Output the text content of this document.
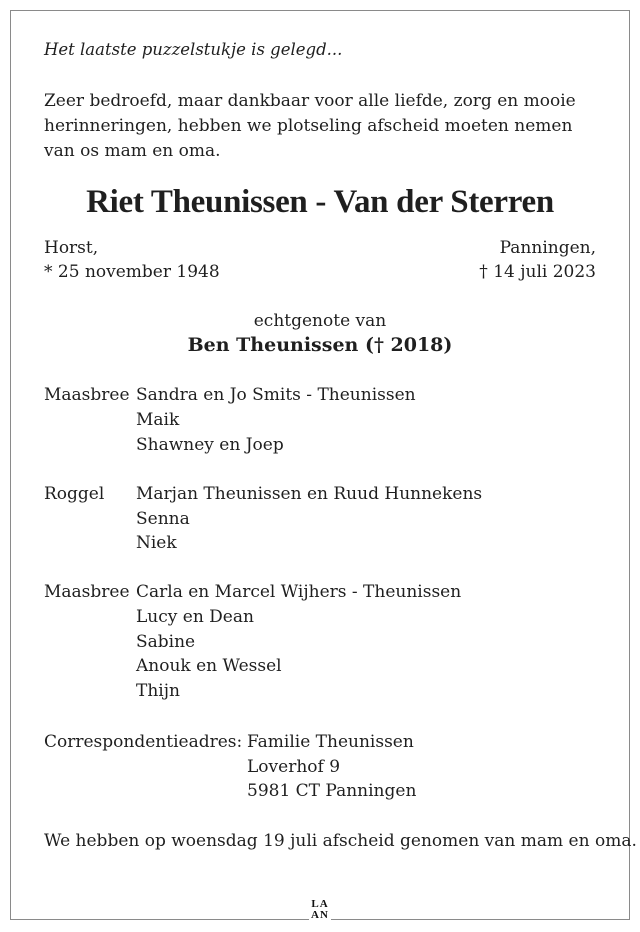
Het laatste puzzelstukje is gelegd...
Zeer bedroefd, maar dankbaar voor alle liefde, zorg en mooie herinneringen, hebben we plotseling afscheid moeten nemen van os mam en oma.
Riet Theunissen - Van der Sterren
Horst,
* 25 november 1948
Panningen,
† 14 juli 2023
echtgenote van
Ben Theunissen († 2018)
Maasbree Sandra en Jo Smits - Theunissen
Maik
Shawney en Joep
Roggel Marjan Theunissen en Ruud Hunnekens
Senna
Niek
Maasbree Carla en Marcel Wijhers - Theunissen
Lucy en Dean
Sabine
Anouk en Wessel
Thijn
Correspondentieadres: Familie Theunissen
Loverhof 9
5981 CT Panningen
We hebben op woensdag 19 juli afscheid genomen van mam en oma.
LA
AN
